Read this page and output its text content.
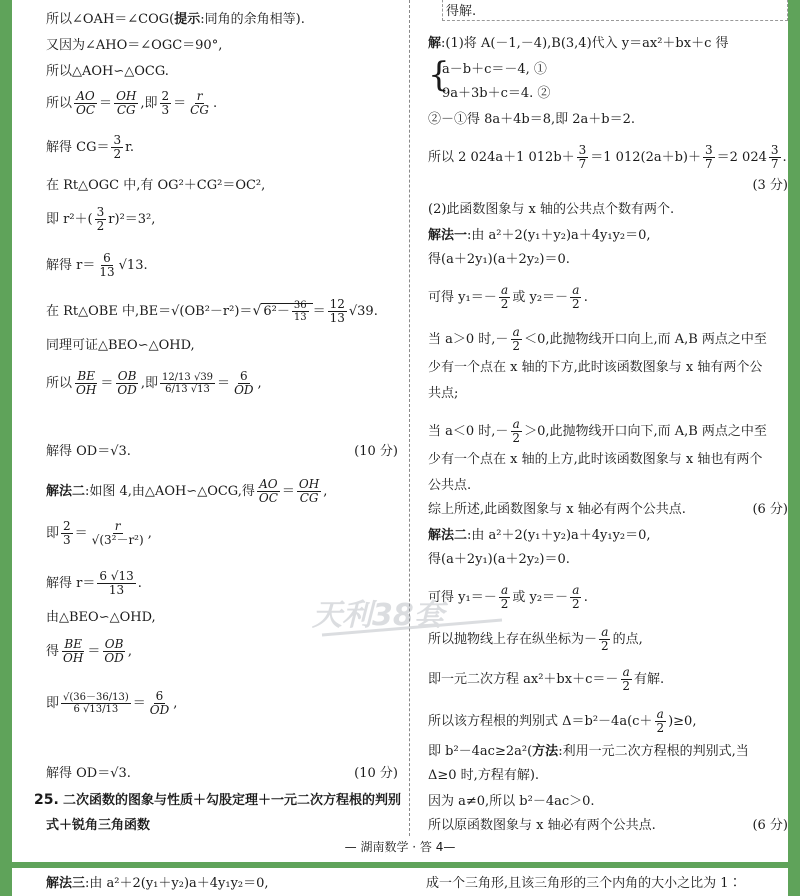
所以∠OAH＝∠COG(提示:同角的余角相等).
又因为∠AHO＝∠OGC＝90°,
所以△AOH∽△OCG.
所以 $\frac{AO}{OC} = \frac{OH}{CG}$ ,即 $\frac{2}{3} = \frac{r}{CG}$ .
解得 $CG= \frac{3}{2} r$.
在 Rt△OGC 中,有 OG²＋CG²＝OC²,
即 $r^2+( \frac{3}{2} r)^2=3^2$,
解得 $r= \frac{6}{13} √13$.
在 Rt△OBE 中,BE＝√(OB²－r²)＝√ $6^2- \frac{36}{13} = \frac{12}{13} √39$.
同理可证△BEO∽△OHD,
所以 $\frac{BE}{OH} = \frac{OB}{OD}$ ,即 $\frac{12/13 √39}{6/13 √13} = \frac{6}{OD}$ ,
解得 OD＝√3.	(10 分)
解法二:如图 4,由△AOH∽△OCG,得 $\frac{AO}{OC} = \frac{OH}{CG}$ ,
即 $\frac{2}{3} = \frac{r}{\text{√(3²－r²)}}$ ,
解得 $r= \frac{6 √13}{13}$ .
由△BEO∽△OHD,
得 $\frac{BE}{OH} = \frac{OB}{OD}$ ,
即 $\frac{√(36-36/13)}{6 √13/13} = \frac{6}{OD}$ ,
解得 OD＝√3.	(10 分)
25. 二次函数的图象与性质＋勾股定理＋一元二次方程根的判别
式＋锐角三角函数
得解.
解:(1)将 A(－1,－4),B(3,4)代入 y＝ax²＋bx＋c 得
{
a－b＋c＝－4, ①
9a＋3b＋c＝4. ②
②－①得 8a＋4b＝8,即 2a＋b＝2.
所以 2 024a＋1 $012b+ \frac{3}{7} =1$ $012(2a+b)+ \frac{3}{7} =2$ $024 \frac{3}{7}$ .
(3 分)
(2)此函数图象与 x 轴的公共点个数有两个.
解法一:由 a²＋2(y₁＋y₂)a＋4y₁y₂＝0,
得(a＋2y₁)(a＋2y₂)＝0.
可得 $y_1=- \frac{a}{2}$ 或 $y_2=- \frac{a}{2}$ .
当 a＞0 时,－ $\frac{a}{2} <0$,此抛物线开口向上,而 A,B 两点之中至
少有一个点在 x 轴的下方,此时该函数图象与 x 轴有两个公
共点;
当 a＜0 时,－ $\frac{a}{2} >0$,此抛物线开口向下,而 A,B 两点之中至
少有一个点在 x 轴的上方,此时该函数图象与 x 轴也有两个
公共点.
综上所述,此函数图象与 x 轴必有两个公共点.	(6 分)
解法二:由 a²＋2(y₁＋y₂)a＋4y₁y₂＝0,
得(a＋2y₁)(a＋2y₂)＝0.
可得 $y_1=- \frac{a}{2}$ 或 $y_2=- \frac{a}{2}$ .
所以抛物线上存在纵坐标为－ $\frac{a}{2}$ 的点,
即一元二次方程 $ax^2+bx+c=- \frac{a}{2}$ 有解.
所以该方程根的判别式 $\Delta=b^2-4a(c+ \frac{a}{2} )\ge 0$,
即 b²－4ac≥2a²(方法:利用一元二次方程根的判别式,当
Δ≥0 时,方程有解).
因为 a≠0,所以 b²－4ac＞0.
所以原函数图象与 x 轴必有两个公共点.	(6 分)
— 湖南数学 · 答 4—
天利38套
解法三:由 a²＋2(y₁＋y₂)a＋4y₁y₂＝0,	成一个三角形,且该三角形的三个内角的大小之比为 1∶
